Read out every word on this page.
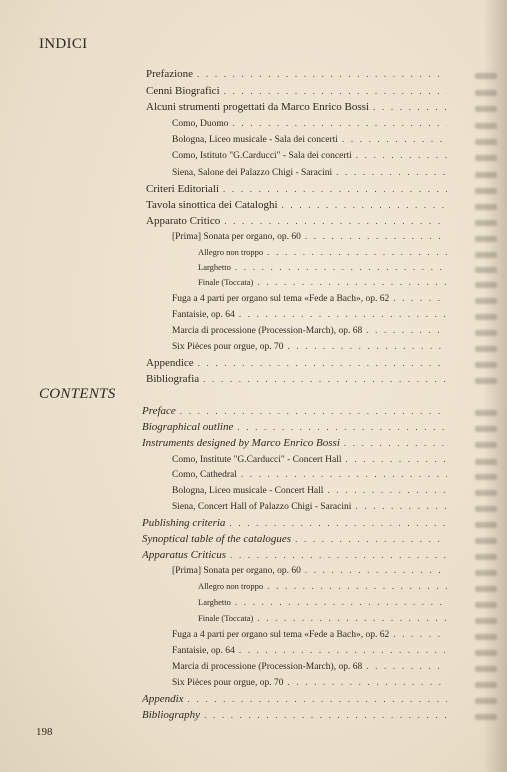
INDICI
CONTENTS
Prefazione
. . .
Cenni Biografici
. . .
Alcuni strumenti progettati da Marco Enrico Bossi
. . .
Como, Duomo
. . .
Bologna, Liceo musicale - Sala dei concerti
. . .
Como, Istituto "G.Carducci" - Sala dei concerti
. . .
Siena, Salone dei Palazzo Chigi - Saracini
. . .
Criteri Editoriali
. . .
Tavola sinottica dei Cataloghi
. . .
Apparato Critico
. . .
[Prima] Sonata per organo, op. 60
. . .
Allegro non troppo
. . .
Larghetto
. . .
Finale (Toccata)
. . .
Fuga a 4 parti per organo sul tema «Fede a Bach», op. 62
. . .
Fantaisie, op. 64
. . .
Marcia di processione (Procession-March), op. 68
. . .
Six Pièces pour orgue, op. 70
. . .
Appendice
. . .
Bibliografia
. . .
Preface
. . .
Biographical outline
. . .
Instruments designed by Marco Enrico Bossi
. . .
Como, Institute "G.Carducci" - Concert Hall
. . .
Como, Cathedral
. . .
Bologna, Liceo musicale - Concert Hall
. . .
Siena, Concert Hall of Palazzo Chigi - Saracini
. . .
Publishing criteria
. . .
Synoptical table of the catalogues
. . .
Apparatus Criticus
. . .
[Prima] Sonata per organo, op. 60
. . .
Allegro non troppo
. . .
Larghetto
. . .
Finale (Toccata)
. . .
Fuga a 4 parti per organo sul tema «Fede a Bach», op. 62
. . .
Fantaisie, op. 64
. . .
Marcia di processione (Procession-March), op. 68
. . .
Six Pièces pour orgue, op. 70
. . .
Appendix
. . .
Bibliography
. . .
198
